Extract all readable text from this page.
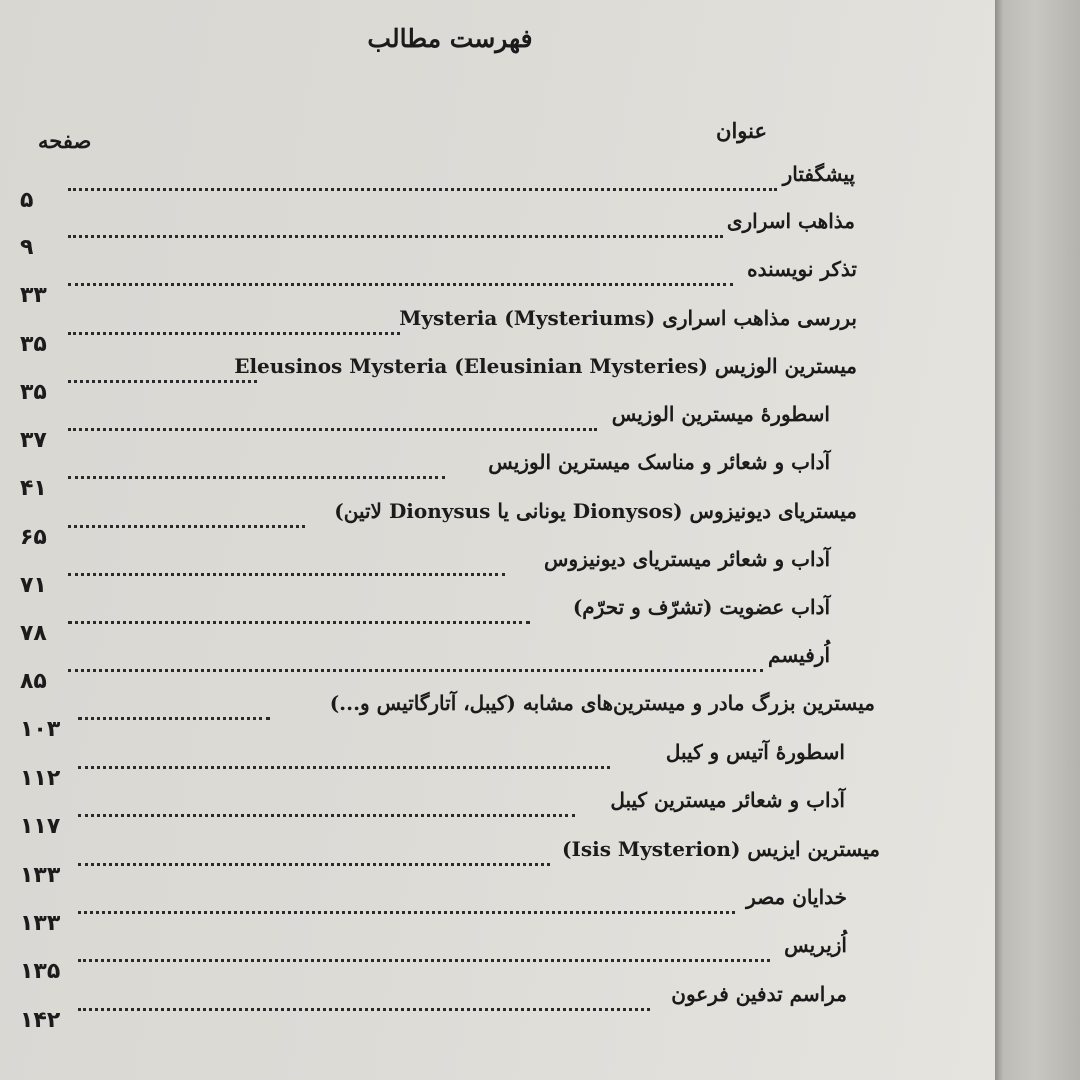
فهرست مطالب
عنوان
صفحه
پیشگفتار
۵
مذاهب اسراری
۹
تذکر نویسنده
۳۳
بررسی مذاهب اسراری Mysteria (Mysteriums)
۳۵
میسترین الوزیس Eleusinos Mysteria (Eleusinian Mysteries)
۳۵
اسطورهٔ میسترین الوزیس
۳۷
آداب و شعائر و مناسک میسترین الوزیس
۴۱
میستریای دیونیزوس (Dionysos یونانی یا Dionysus لاتین)
۶۵
آداب و شعائر میستریای دیونیزوس
۷۱
آداب عضویت (تشرّف و تحرّم)
۷۸
اُرفیسم
۸۵
میسترین بزرگ مادر و میسترین‌های مشابه (کیبل، آتارگاتیس و...)
۱۰۳
اسطورهٔ آتیس و کیبل
۱۱۲
آداب و شعائر میسترین کیبل
۱۱۷
میسترین ایزیس (Isis Mysterion)
۱۳۳
خدایان مصر
۱۳۳
اُزیریس
۱۳۵
مراسم تدفین فرعون
۱۴۲
